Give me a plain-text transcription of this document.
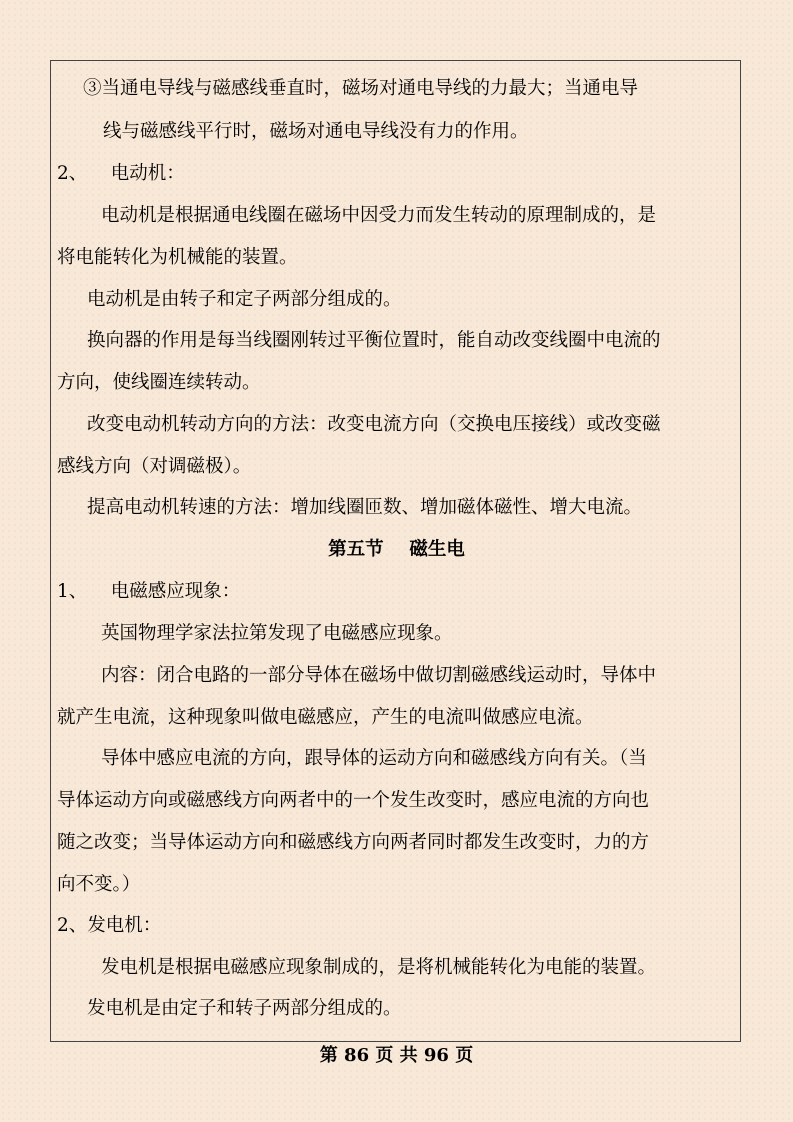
③当通电导线与磁感线垂直时，磁场对通电导线的力最大；当通电导
线与磁感线平行时，磁场对通电导线没有力的作用。
2、    电动机：
电动机是根据通电线圈在磁场中因受力而发生转动的原理制成的，是
将电能转化为机械能的装置。
电动机是由转子和定子两部分组成的。
换向器的作用是每当线圈刚转过平衡位置时，能自动改变线圈中电流的
方向，使线圈连续转动。
改变电动机转动方向的方法：改变电流方向（交换电压接线）或改变磁
感线方向（对调磁极）。
提高电动机转速的方法：增加线圈匝数、增加磁体磁性、增大电流。
第五节    磁生电
1、    电磁感应现象：
英国物理学家法拉第发现了电磁感应现象。
内容：闭合电路的一部分导体在磁场中做切割磁感线运动时，导体中
就产生电流，这种现象叫做电磁感应，产生的电流叫做感应电流。
导体中感应电流的方向，跟导体的运动方向和磁感线方向有关。（当
导体运动方向或磁感线方向两者中的一个发生改变时，感应电流的方向也
随之改变；当导体运动方向和磁感线方向两者同时都发生改变时，力的方
向不变。）
2、发电机：
发电机是根据电磁感应现象制成的，是将机械能转化为电能的装置。
发电机是由定子和转子两部分组成的。
第 86 页 共 96 页
